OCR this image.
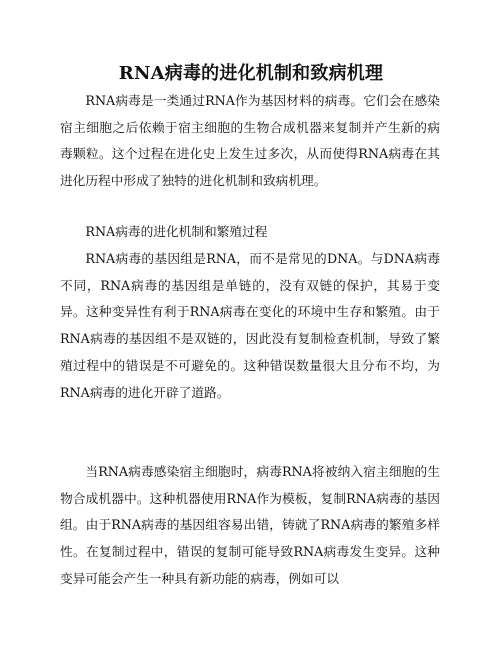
RNA病毒的进化机制和致病机理

RNA病毒是一类通过RNA作为基因材料的病毒。它们会在感染宿主细胞之后依赖于宿主细胞的生物合成机器来复制并产生新的病毒颗粒。这个过程在进化史上发生过多次，从而使得RNA病毒在其进化历程中形成了独特的进化机制和致病机理。

RNA病毒的进化机制和繁殖过程

RNA病毒的基因组是RNA，而不是常见的DNA。与DNA病毒不同，RNA病毒的基因组是单链的，没有双链的保护，其易于变异。这种变异性有利于RNA病毒在变化的环境中生存和繁殖。由于RNA病毒的基因组不是双链的，因此没有复制检查机制，导致了繁殖过程中的错误是不可避免的。这种错误数量很大且分布不均，为RNA病毒的进化开辟了道路。

当RNA病毒感染宿主细胞时，病毒RNA将被纳入宿主细胞的生物合成机器中。这种机器使用RNA作为模板，复制RNA病毒的基因组。由于RNA病毒的基因组容易出错，铸就了RNA病毒的繁殖多样性。在复制过程中，错误的复制可能导致RNA病毒发生变异。这种变异可能会产生一种具有新功能的病毒，例如可以
